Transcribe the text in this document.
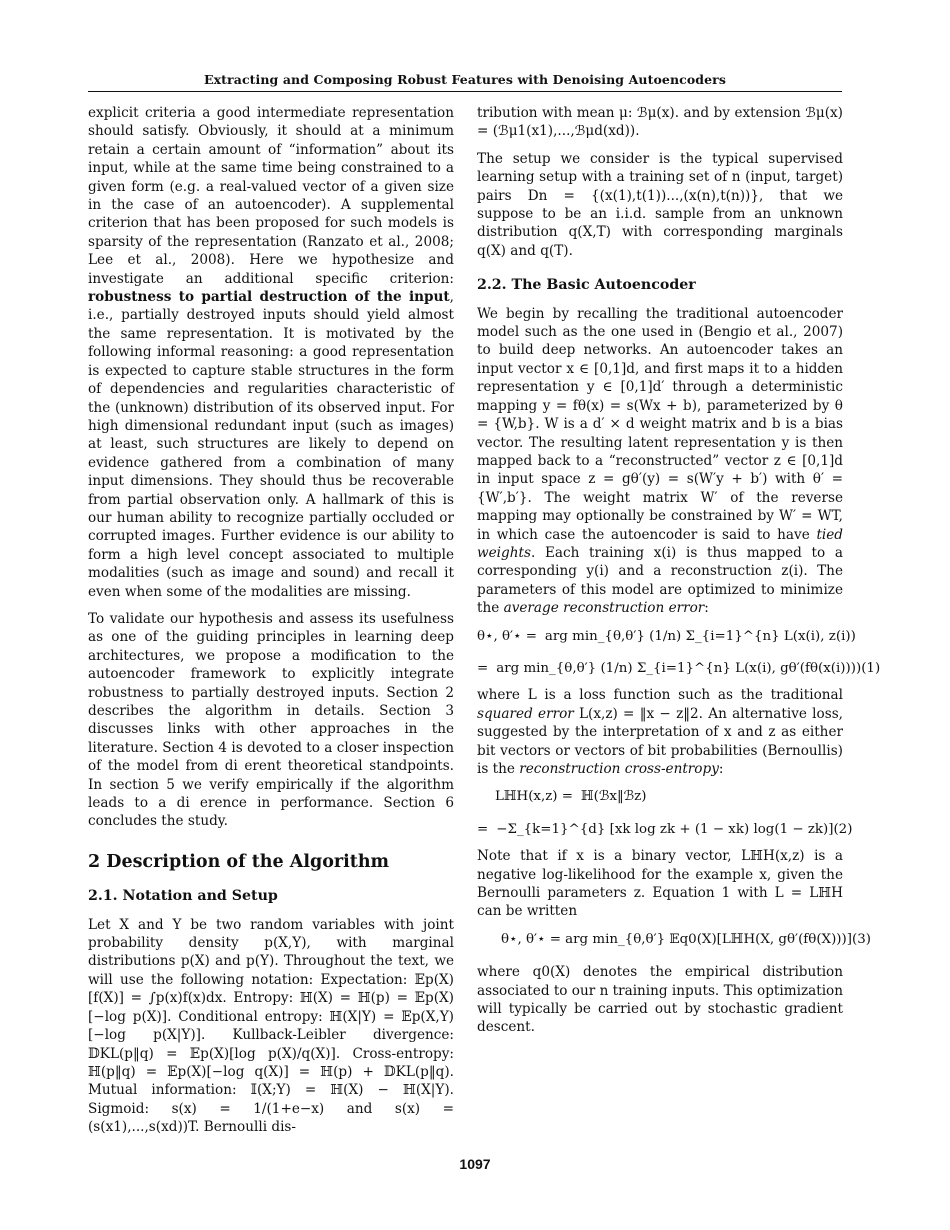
Extracting and Composing Robust Features with Denoising Autoencoders

explicit criteria a good intermediate representation should satisfy. Obviously, it should at a minimum retain a certain amount of “information” about its input, while at the same time being constrained to a given form (e.g. a real-valued vector of a given size in the case of an autoencoder). A supplemental criterion that has been proposed for such models is sparsity of the representation (Ranzato et al., 2008; Lee et al., 2008). Here we hypothesize and investigate an additional specific criterion: robustness to partial destruction of the input, i.e., partially destroyed inputs should yield almost the same representation. It is motivated by the following informal reasoning: a good representation is expected to capture stable structures in the form of dependencies and regularities characteristic of the (unknown) distribution of its observed input. For high dimensional redundant input (such as images) at least, such structures are likely to depend on evidence gathered from a combination of many input dimensions. They should thus be recoverable from partial observation only. A hallmark of this is our human ability to recognize partially occluded or corrupted images. Further evidence is our ability to form a high level concept associated to multiple modalities (such as image and sound) and recall it even when some of the modalities are missing.

To validate our hypothesis and assess its usefulness as one of the guiding principles in learning deep architectures, we propose a modification to the autoencoder framework to explicitly integrate robustness to partially destroyed inputs. Section 2 describes the algorithm in details. Section 3 discusses links with other approaches in the literature. Section 4 is devoted to a closer inspection of the model from di erent theoretical standpoints. In section 5 we verify empirically if the algorithm leads to a di erence in performance. Section 6 concludes the study.

2 Description of the Algorithm
2.1. Notation and Setup

Let X and Y be two random variables with joint probability density p(X,Y), with marginal distributions p(X) and p(Y). Throughout the text, we will use the following notation: Expectation: 𝔼p(X)[f(X)] = ∫p(x)f(x)dx. Entropy: ℍ(X) = ℍ(p) = 𝔼p(X)[−log p(X)]. Conditional entropy: ℍ(X|Y) = 𝔼p(X,Y)[−log p(X|Y)]. Kullback-Leibler divergence: 𝔻KL(p‖q) = 𝔼p(X)[log p(X)/q(X)]. Cross-entropy: ℍ(p‖q) = 𝔼p(X)[−log q(X)] = ℍ(p) + 𝔻KL(p‖q). Mutual information: 𝕀(X;Y) = ℍ(X) − ℍ(X|Y). Sigmoid: s(x) = 1/(1+e−x) and s(x) = (s(x1),...,s(xd))T. Bernoulli dis-

tribution with mean μ: ℬμ(x). and by extension ℬμ(x) = (ℬμ1(x1),...,ℬμd(xd)).

The setup we consider is the typical supervised learning setup with a training set of n (input, target) pairs Dn = {(x(1),t(1))...,(x(n),t(n))}, that we suppose to be an i.i.d. sample from an unknown distribution q(X,T) with corresponding marginals q(X) and q(T).

2.2. The Basic Autoencoder

We begin by recalling the traditional autoencoder model such as the one used in (Bengio et al., 2007) to build deep networks. An autoencoder takes an input vector x ∈ [0,1]d, and first maps it to a hidden representation y ∈ [0,1]d′ through a deterministic mapping y = fθ(x) = s(Wx + b), parameterized by θ = {W,b}. W is a d′ × d weight matrix and b is a bias vector. The resulting latent representation y is then mapped back to a “reconstructed” vector z ∈ [0,1]d in input space z = gθ′(y) = s(W′y + b′) with θ′ = {W′,b′}. The weight matrix W′ of the reverse mapping may optionally be constrained by W′ = WT, in which case the autoencoder is said to have tied weights. Each training x(i) is thus mapped to a corresponding y(i) and a reconstruction z(i). The parameters of this model are optimized to minimize the average reconstruction error:

θ⋆, θ′⋆ = arg min_{θ,θ′} (1/n) Σ_{i=1}^{n} L(x(i), z(i))
= arg min_{θ,θ′} (1/n) Σ_{i=1}^{n} L(x(i), gθ′(fθ(x(i)))) (1)

where L is a loss function such as the traditional squared error L(x,z) = ‖x − z‖2. An alternative loss, suggested by the interpretation of x and z as either bit vectors or vectors of bit probabilities (Bernoullis) is the reconstruction cross-entropy:

LℍH(x,z) = ℍ(ℬx‖ℬz)
= −Σ_{k=1}^{d} [xk log zk + (1 − xk) log(1 − zk)] (2)

Note that if x is a binary vector, LℍH(x,z) is a negative log-likelihood for the example x, given the Bernoulli parameters z. Equation 1 with L = LℍH can be written

θ⋆, θ′⋆ = arg min_{θ,θ′} 𝔼q0(X)[LℍH(X, gθ′(fθ(X)))] (3)

where q0(X) denotes the empirical distribution associated to our n training inputs. This optimization will typically be carried out by stochastic gradient descent.

1097
